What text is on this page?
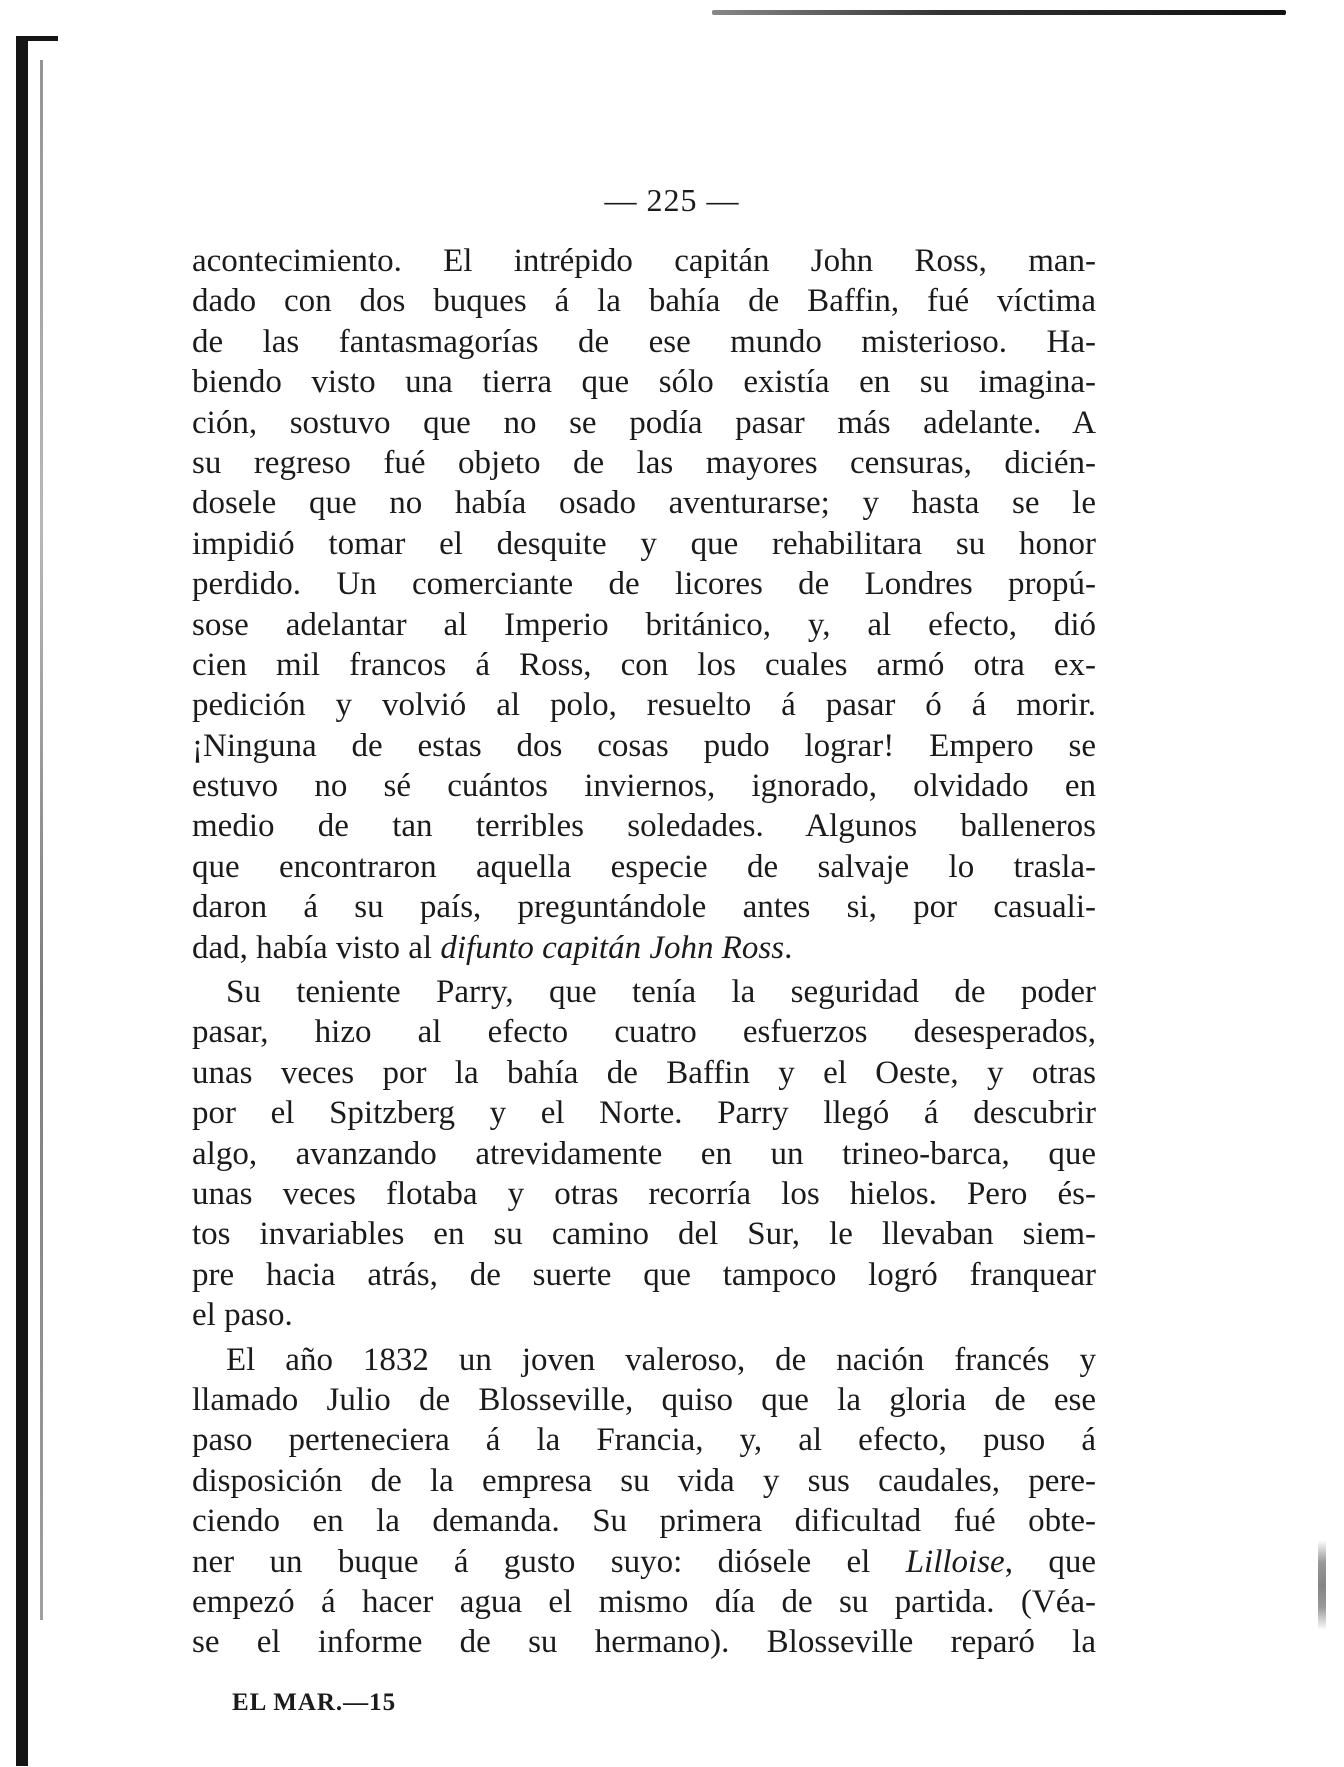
— 225 —
acontecimiento. El intrépido capitán John Ross, man-
dado con dos buques á la bahía de Baffin, fué víctima
de las fantasmagorías de ese mundo misterioso. Ha-
biendo visto una tierra que sólo existía en su imagina-
ción, sostuvo que no se podía pasar más adelante. A
su regreso fué objeto de las mayores censuras, dicién-
dosele que no había osado aventurarse; y hasta se le
impidió tomar el desquite y que rehabilitara su honor
perdido. Un comerciante de licores de Londres propú-
sose adelantar al Imperio británico, y, al efecto, dió
cien mil francos á Ross, con los cuales armó otra ex-
pedición y volvió al polo, resuelto á pasar ó á morir.
¡Ninguna de estas dos cosas pudo lograr! Empero se
estuvo no sé cuántos inviernos, ignorado, olvidado en
medio de tan terribles soledades. Algunos balleneros
que encontraron aquella especie de salvaje lo trasla-
daron á su país, preguntándole antes si, por casuali-
dad, había visto al difunto capitán John Ross.
Su teniente Parry, que tenía la seguridad de poder
pasar, hizo al efecto cuatro esfuerzos desesperados,
unas veces por la bahía de Baffin y el Oeste, y otras
por el Spitzberg y el Norte. Parry llegó á descubrir
algo, avanzando atrevidamente en un trineo-barca, que
unas veces flotaba y otras recorría los hielos. Pero és-
tos invariables en su camino del Sur, le llevaban siem-
pre hacia atrás, de suerte que tampoco logró franquear
el paso.
El año 1832 un joven valeroso, de nación francés y
llamado Julio de Blosseville, quiso que la gloria de ese
paso perteneciera á la Francia, y, al efecto, puso á
disposición de la empresa su vida y sus caudales, pere-
ciendo en la demanda. Su primera dificultad fué obte-
ner un buque á gusto suyo: diósele el Lilloise, que
empezó á hacer agua el mismo día de su partida. (Véa-
se el informe de su hermano). Blosseville reparó la
EL MAR.—15
